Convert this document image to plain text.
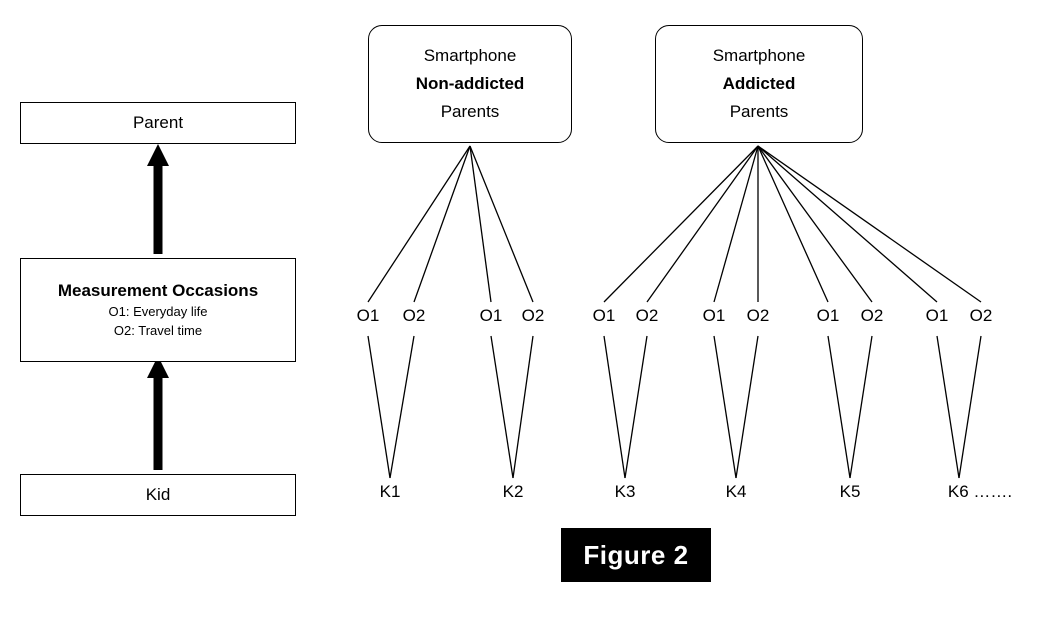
Parent
Measurement Occasions
O1: Everyday life
O2: Travel time
Kid
Smartphone
Non-addicted
Parents
Smartphone
Addicted
Parents
O1 O2	O1 O2	O1 O2	O1 O2	O1 O2 O1 O2
K1	K2	K3	K4	K5	K6 …….
Figure 2
